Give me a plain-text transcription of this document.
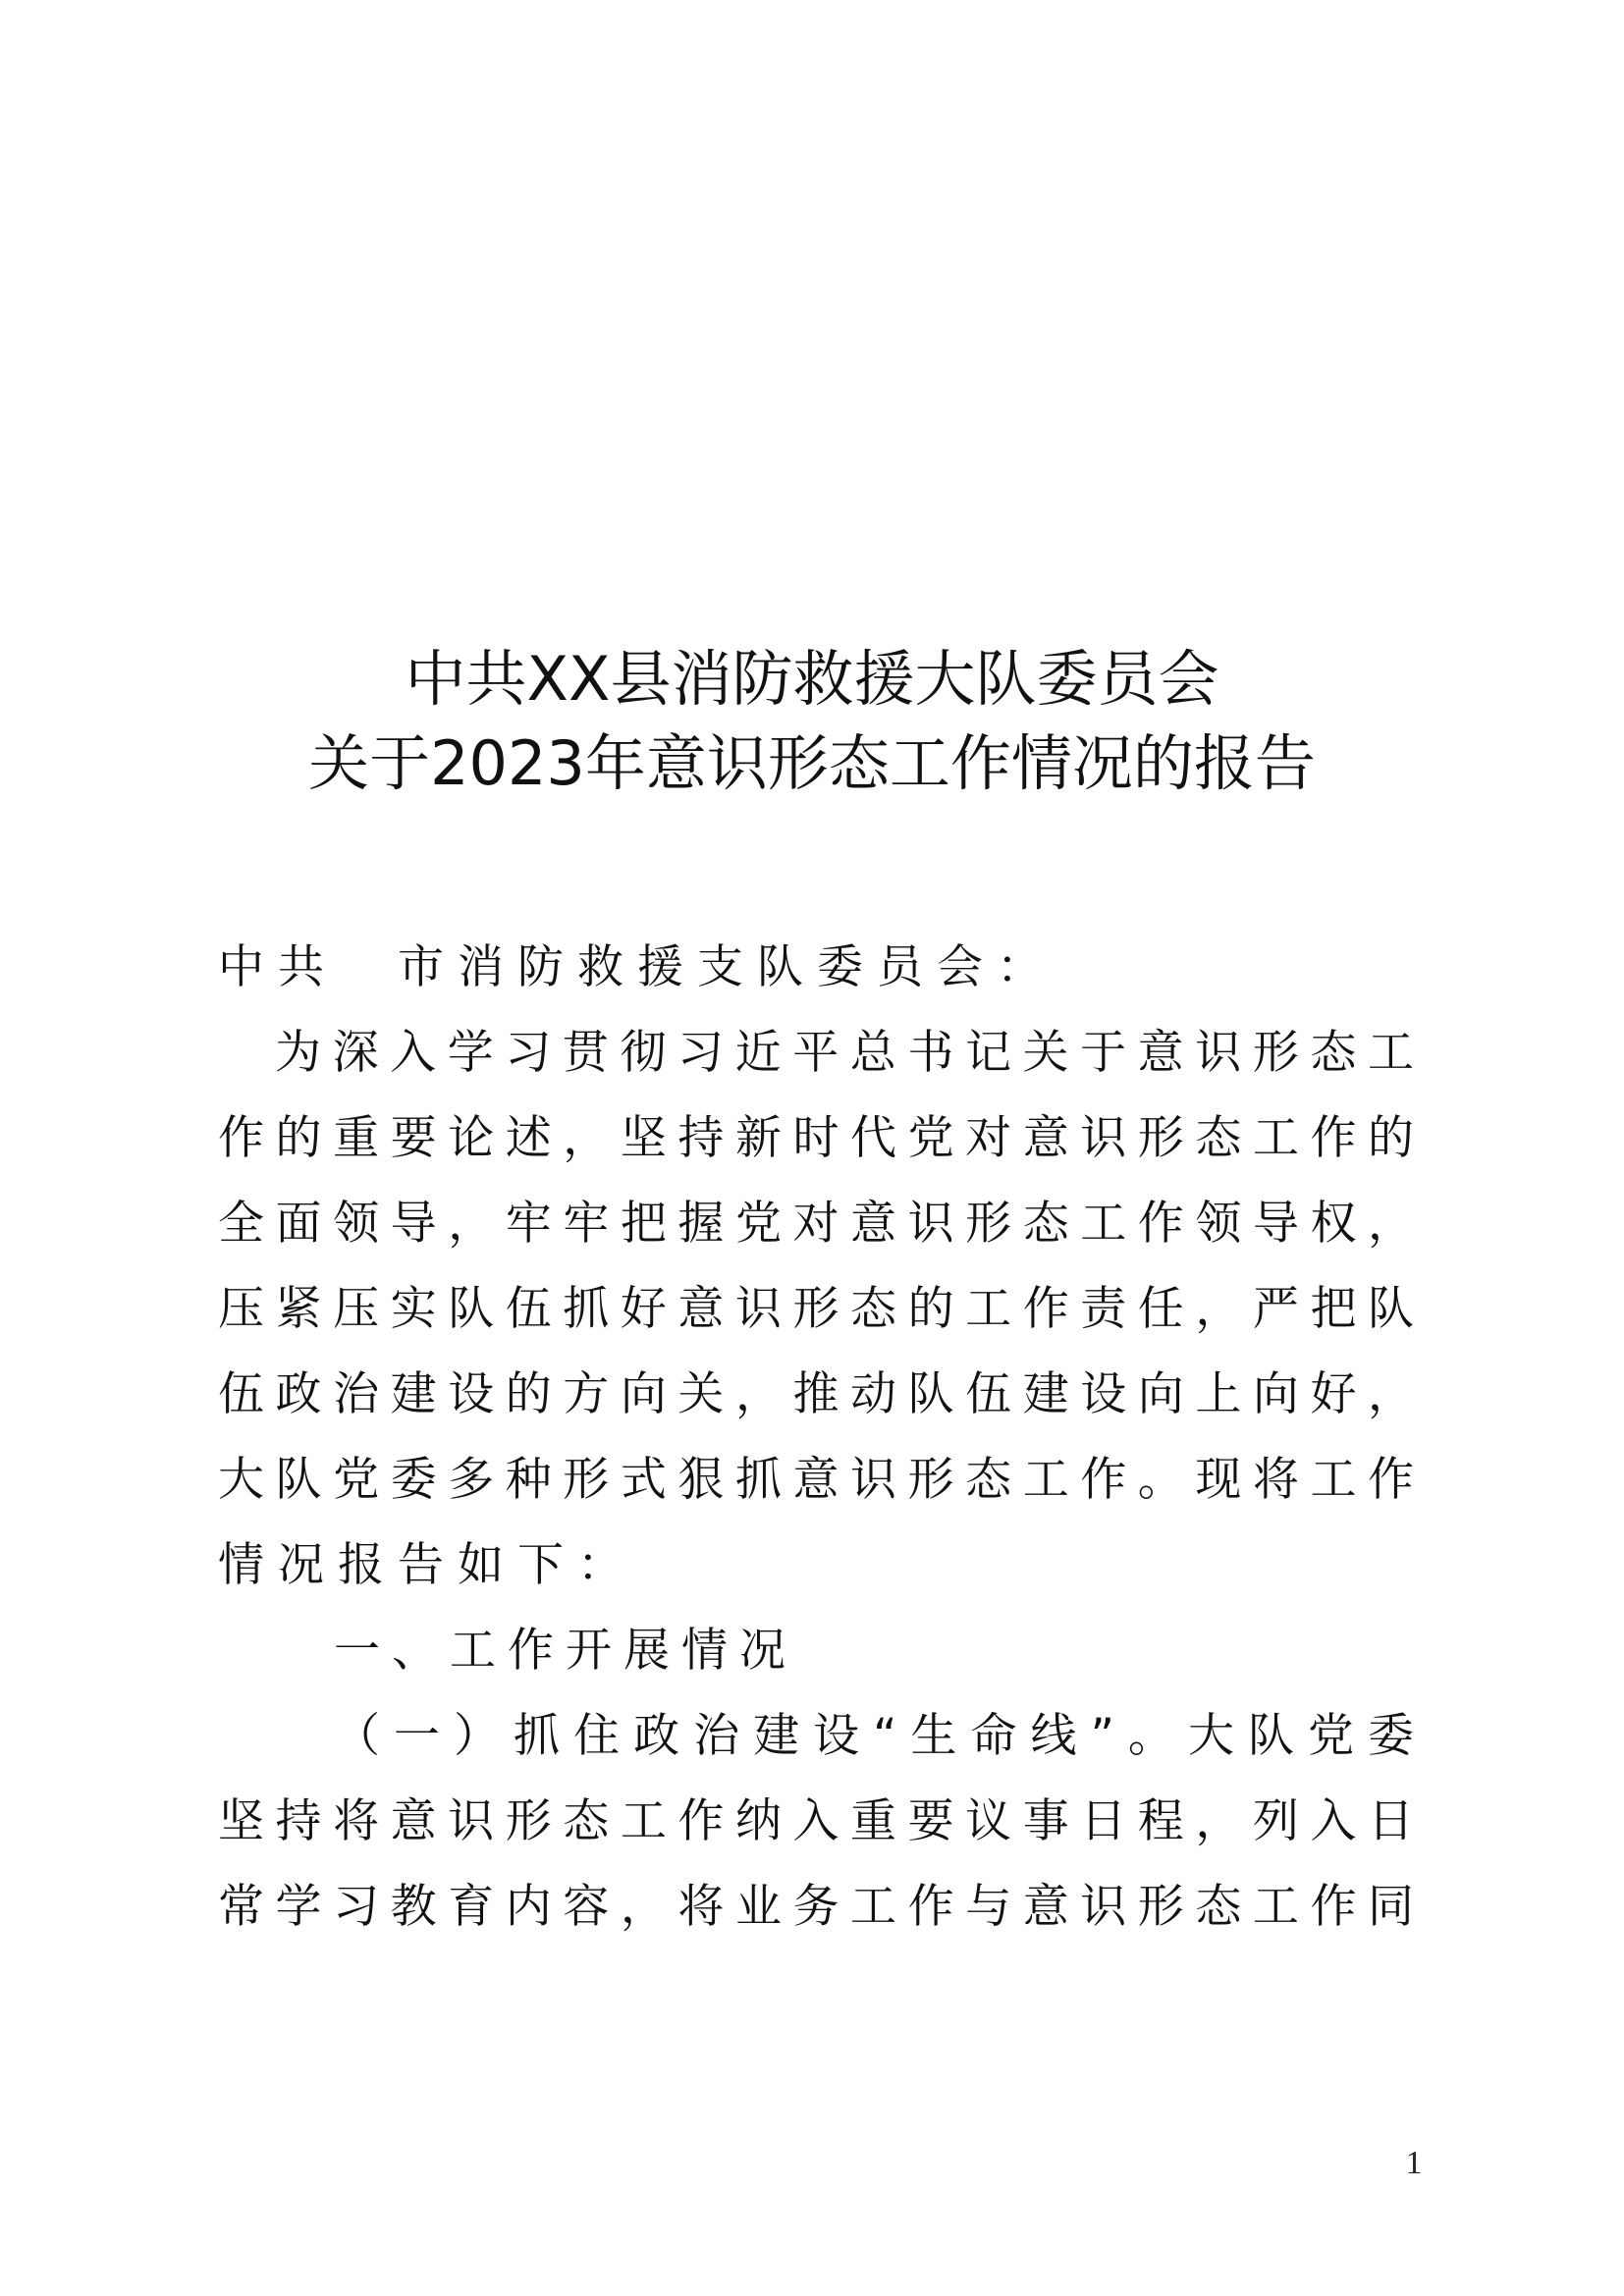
中共XX县消防救援大队委员会
关于2023年意识形态工作情况的报告
中共　市消防救援支队委员会：
为深入学习贯彻习近平总书记关于意识形态工
作的重要论述，坚持新时代党对意识形态工作的
全面领导，牢牢把握党对意识形态工作领导权，
压紧压实队伍抓好意识形态的工作责任，严把队
伍政治建设的方向关，推动队伍建设向上向好，
大队党委多种形式狠抓意识形态工作。现将工作
情况报告如下：
一、工作开展情况
（一）抓住政治建设“生命线”。大队党委
坚持将意识形态工作纳入重要议事日程，列入日
常学习教育内容，将业务工作与意识形态工作同
1
